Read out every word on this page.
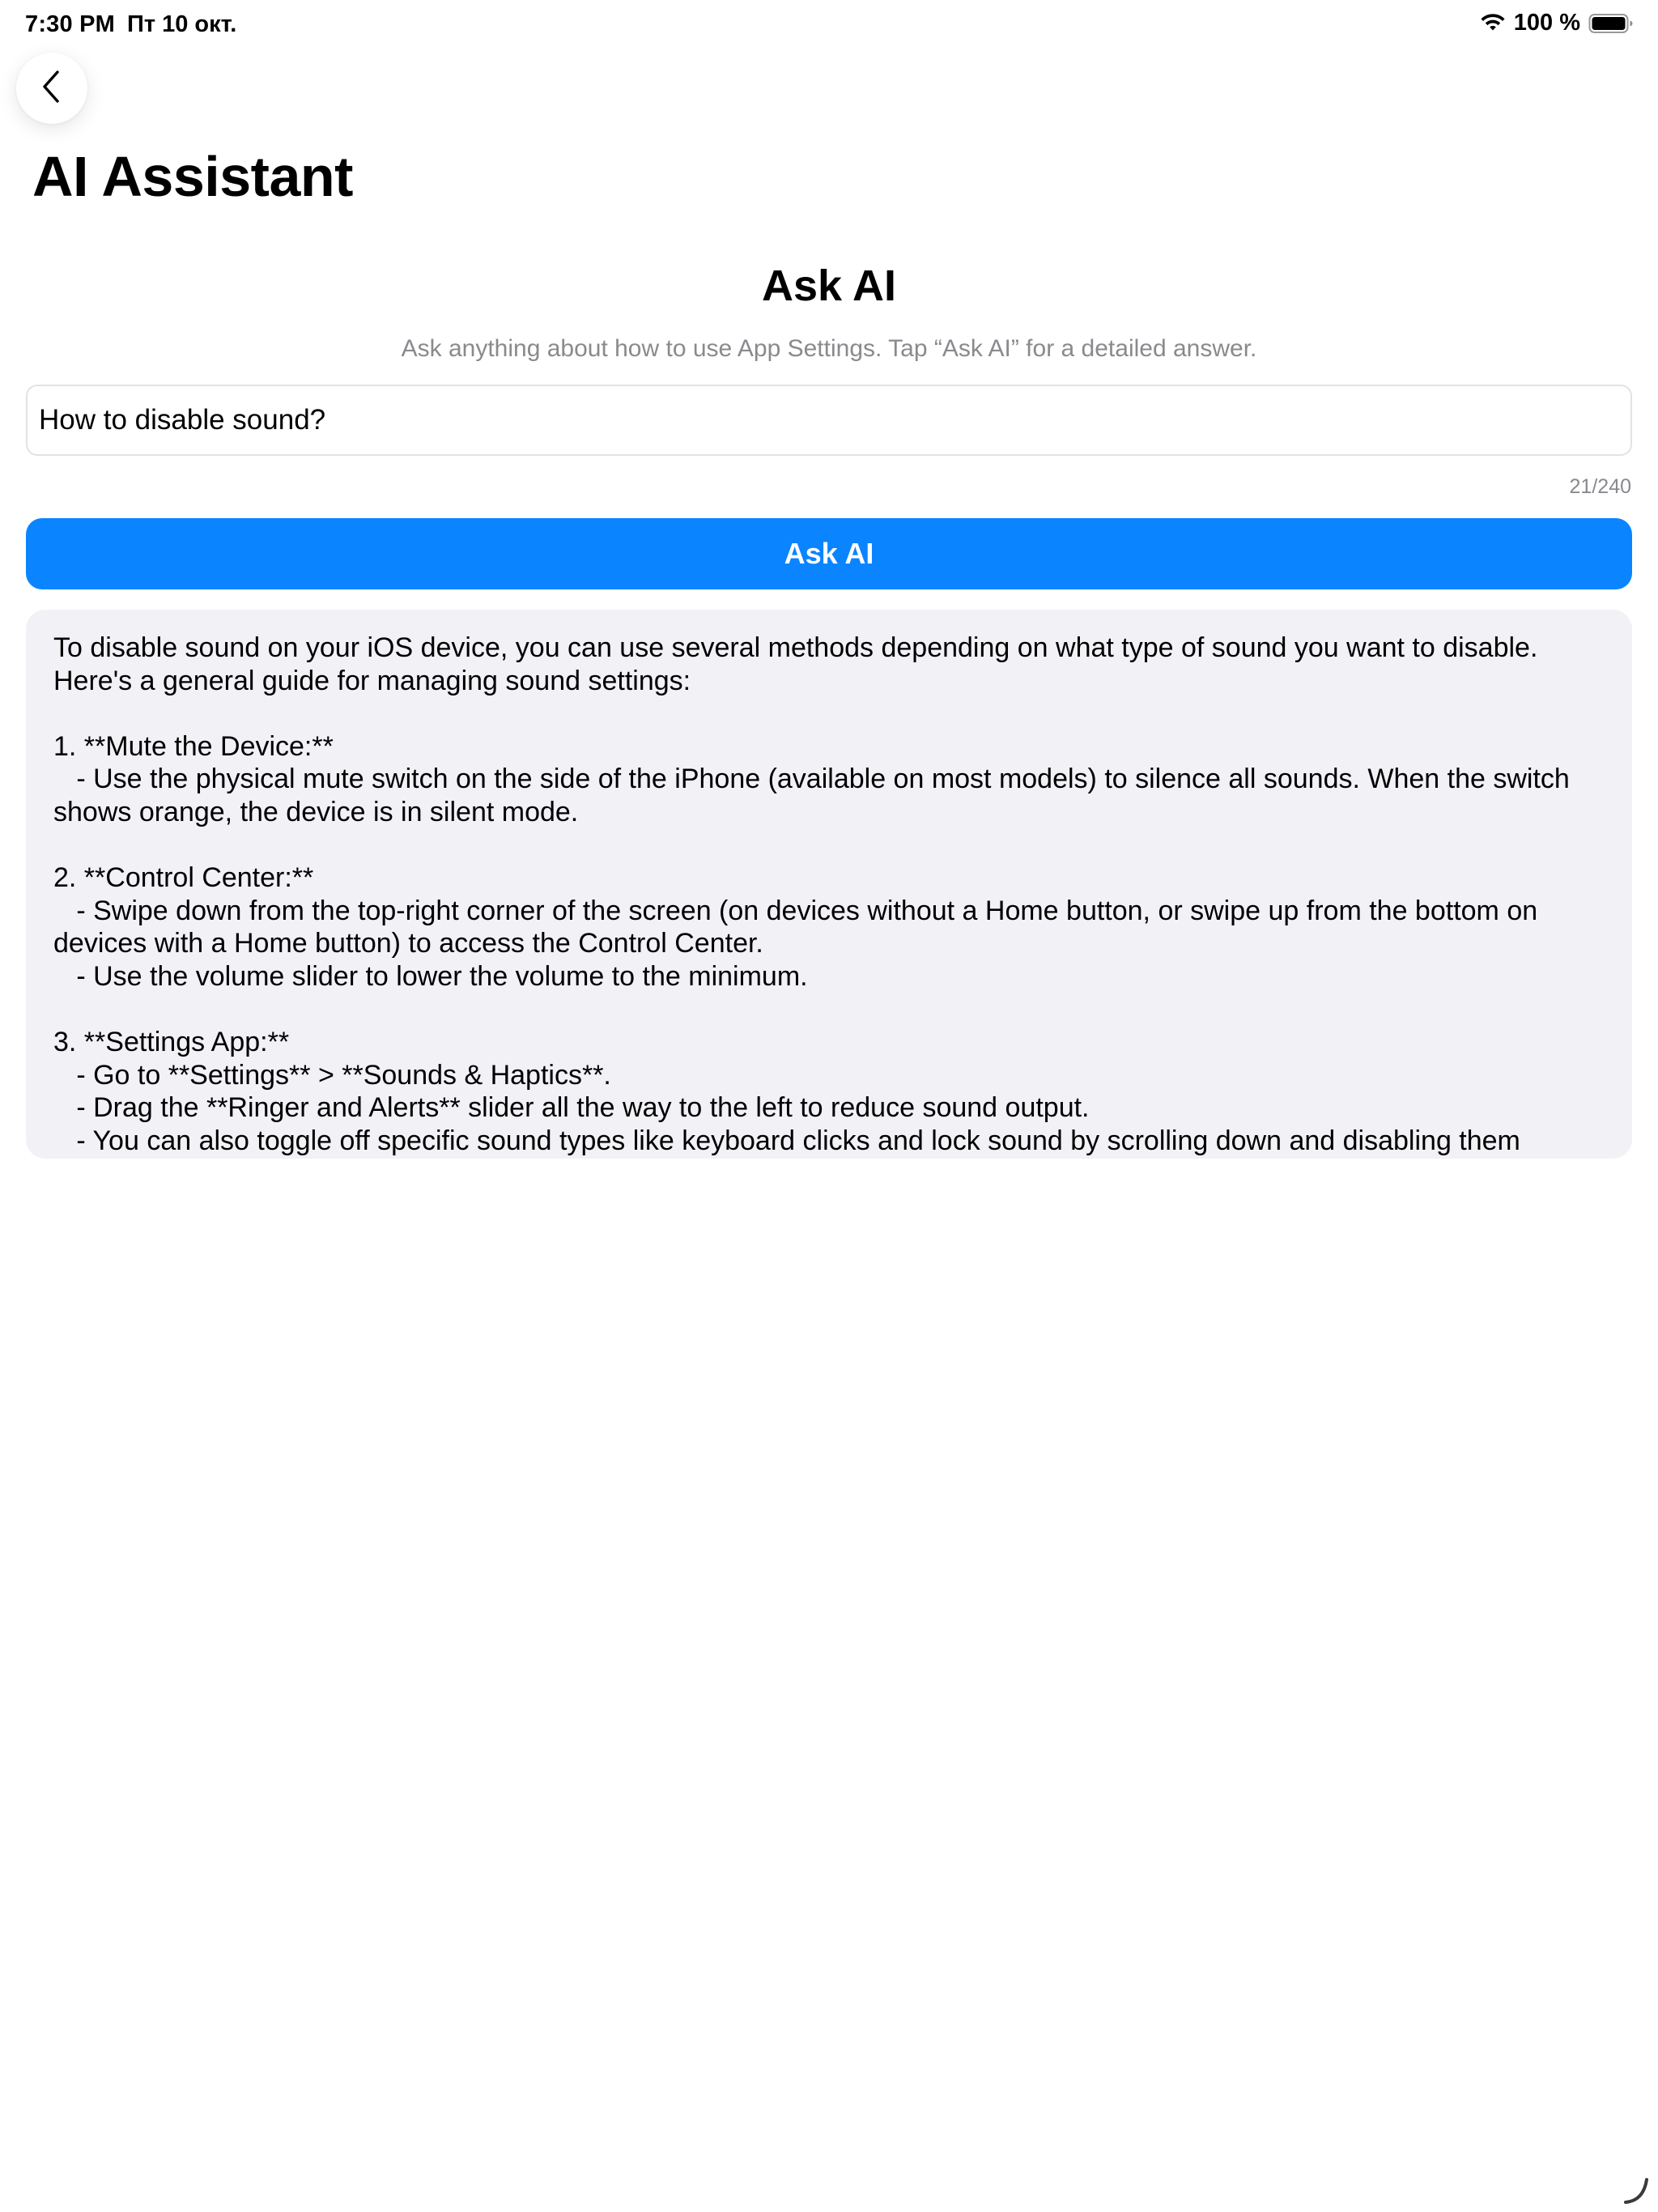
7:30 PM Пт 10 окт.	100 %
AI Assistant
Ask AI

Ask anything about how to use App Settings. Tap “Ask AI” for a detailed answer.

How to disable sound?
21/240
Ask AI

To disable sound on your iOS device, you can use several methods depending on what type of sound you want to disable.
Here's a general guide for managing sound settings:

1. **Mute the Device:**
- Use the physical mute switch on the side of the iPhone (available on most models) to silence all sounds. When the switch
shows orange, the device is in silent mode.

2. **Control Center:**
- Swipe down from the top-right corner of the screen (on devices without a Home button, or swipe up from the bottom on
devices with a Home button) to access the Control Center.
- Use the volume slider to lower the volume to the minimum.

3. **Settings App:**
- Go to **Settings** > **Sounds & Haptics**.
- Drag the **Ringer and Alerts** slider all the way to the left to reduce sound output.
- You can also toggle off specific sound types like keyboard clicks and lock sound by scrolling down and disabling them
